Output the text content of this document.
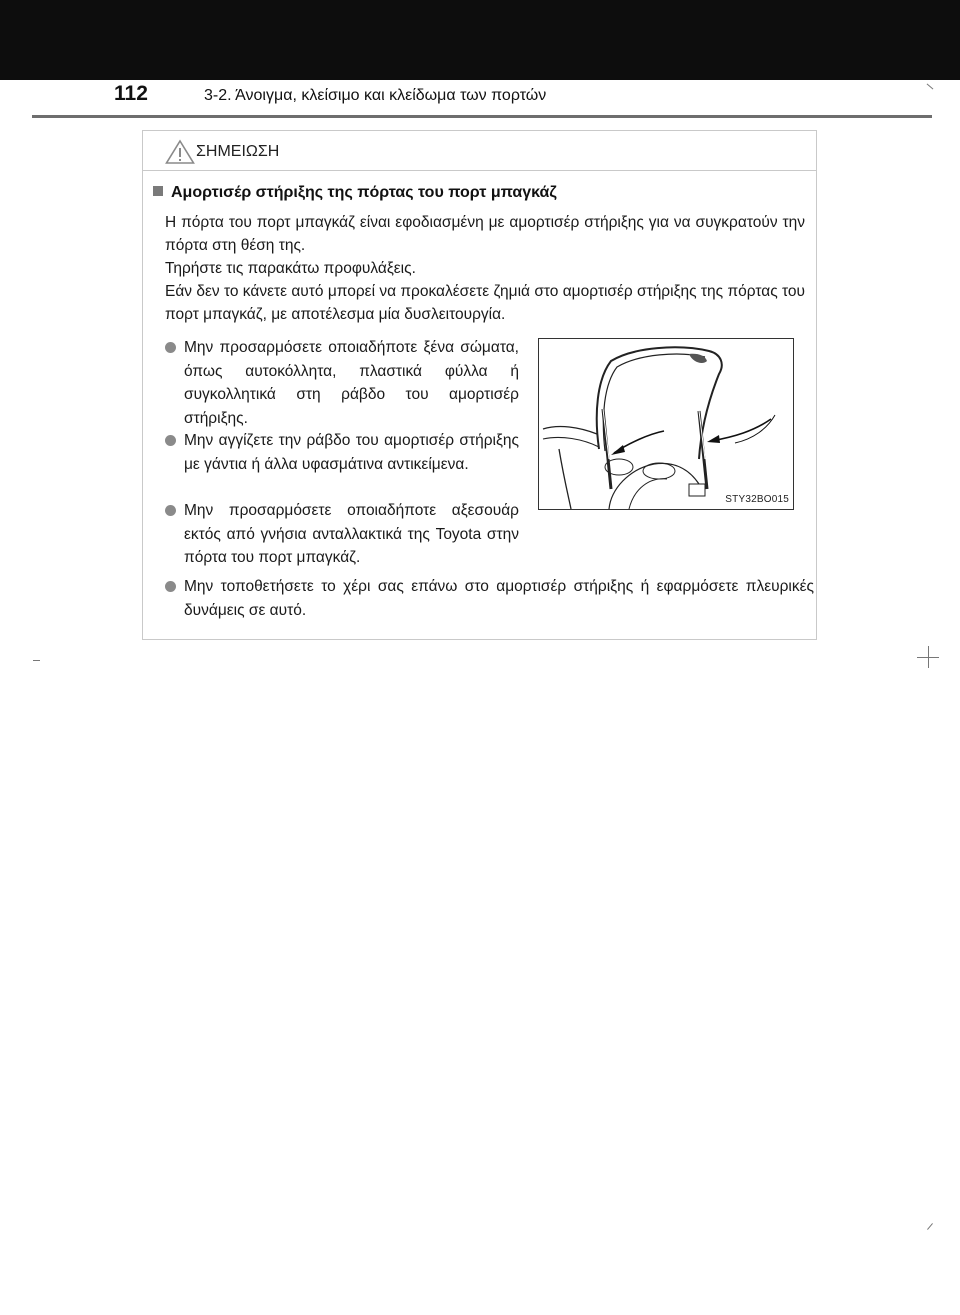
112	3-2. Άνοιγμα, κλείσιμο και κλείδωμα των πορτών
ΣΗΜΕΙΩΣΗ
Αμορτισέρ στήριξης της πόρτας του πορτ μπαγκάζ
Η πόρτα του πορτ μπαγκάζ είναι εφοδιασμένη με αμορτισέρ στήριξης για να συγκρατούν την πόρτα στη θέση της.
Τηρήστε τις παρακάτω προφυλάξεις.
Εάν δεν το κάνετε αυτό μπορεί να προκαλέσετε ζημιά στο αμορτισέρ στήριξης της πόρτας του πορτ μπαγκάζ, με αποτέλεσμα μία δυσλειτουργία.
Μην προσαρμόσετε οποιαδήποτε ξένα σώματα, όπως αυτοκόλλητα, πλαστικά φύλλα ή συγκολλητικά στη ράβδο του αμορτισέρ στήριξης.
Μην αγγίζετε την ράβδο του αμορτισέρ στήριξης με γάντια ή άλλα υφασμάτινα αντικείμενα.
Μην προσαρμόσετε οποιαδήποτε αξεσουάρ εκτός από γνήσια ανταλλακτικά της Toyota στην πόρτα του πορτ μπαγκάζ.
Μην τοποθετήσετε το χέρι σας επάνω στο αμορτισέρ στήριξης ή εφαρμόσετε πλευρικές δυνάμεις σε αυτό.
STY32BO015
